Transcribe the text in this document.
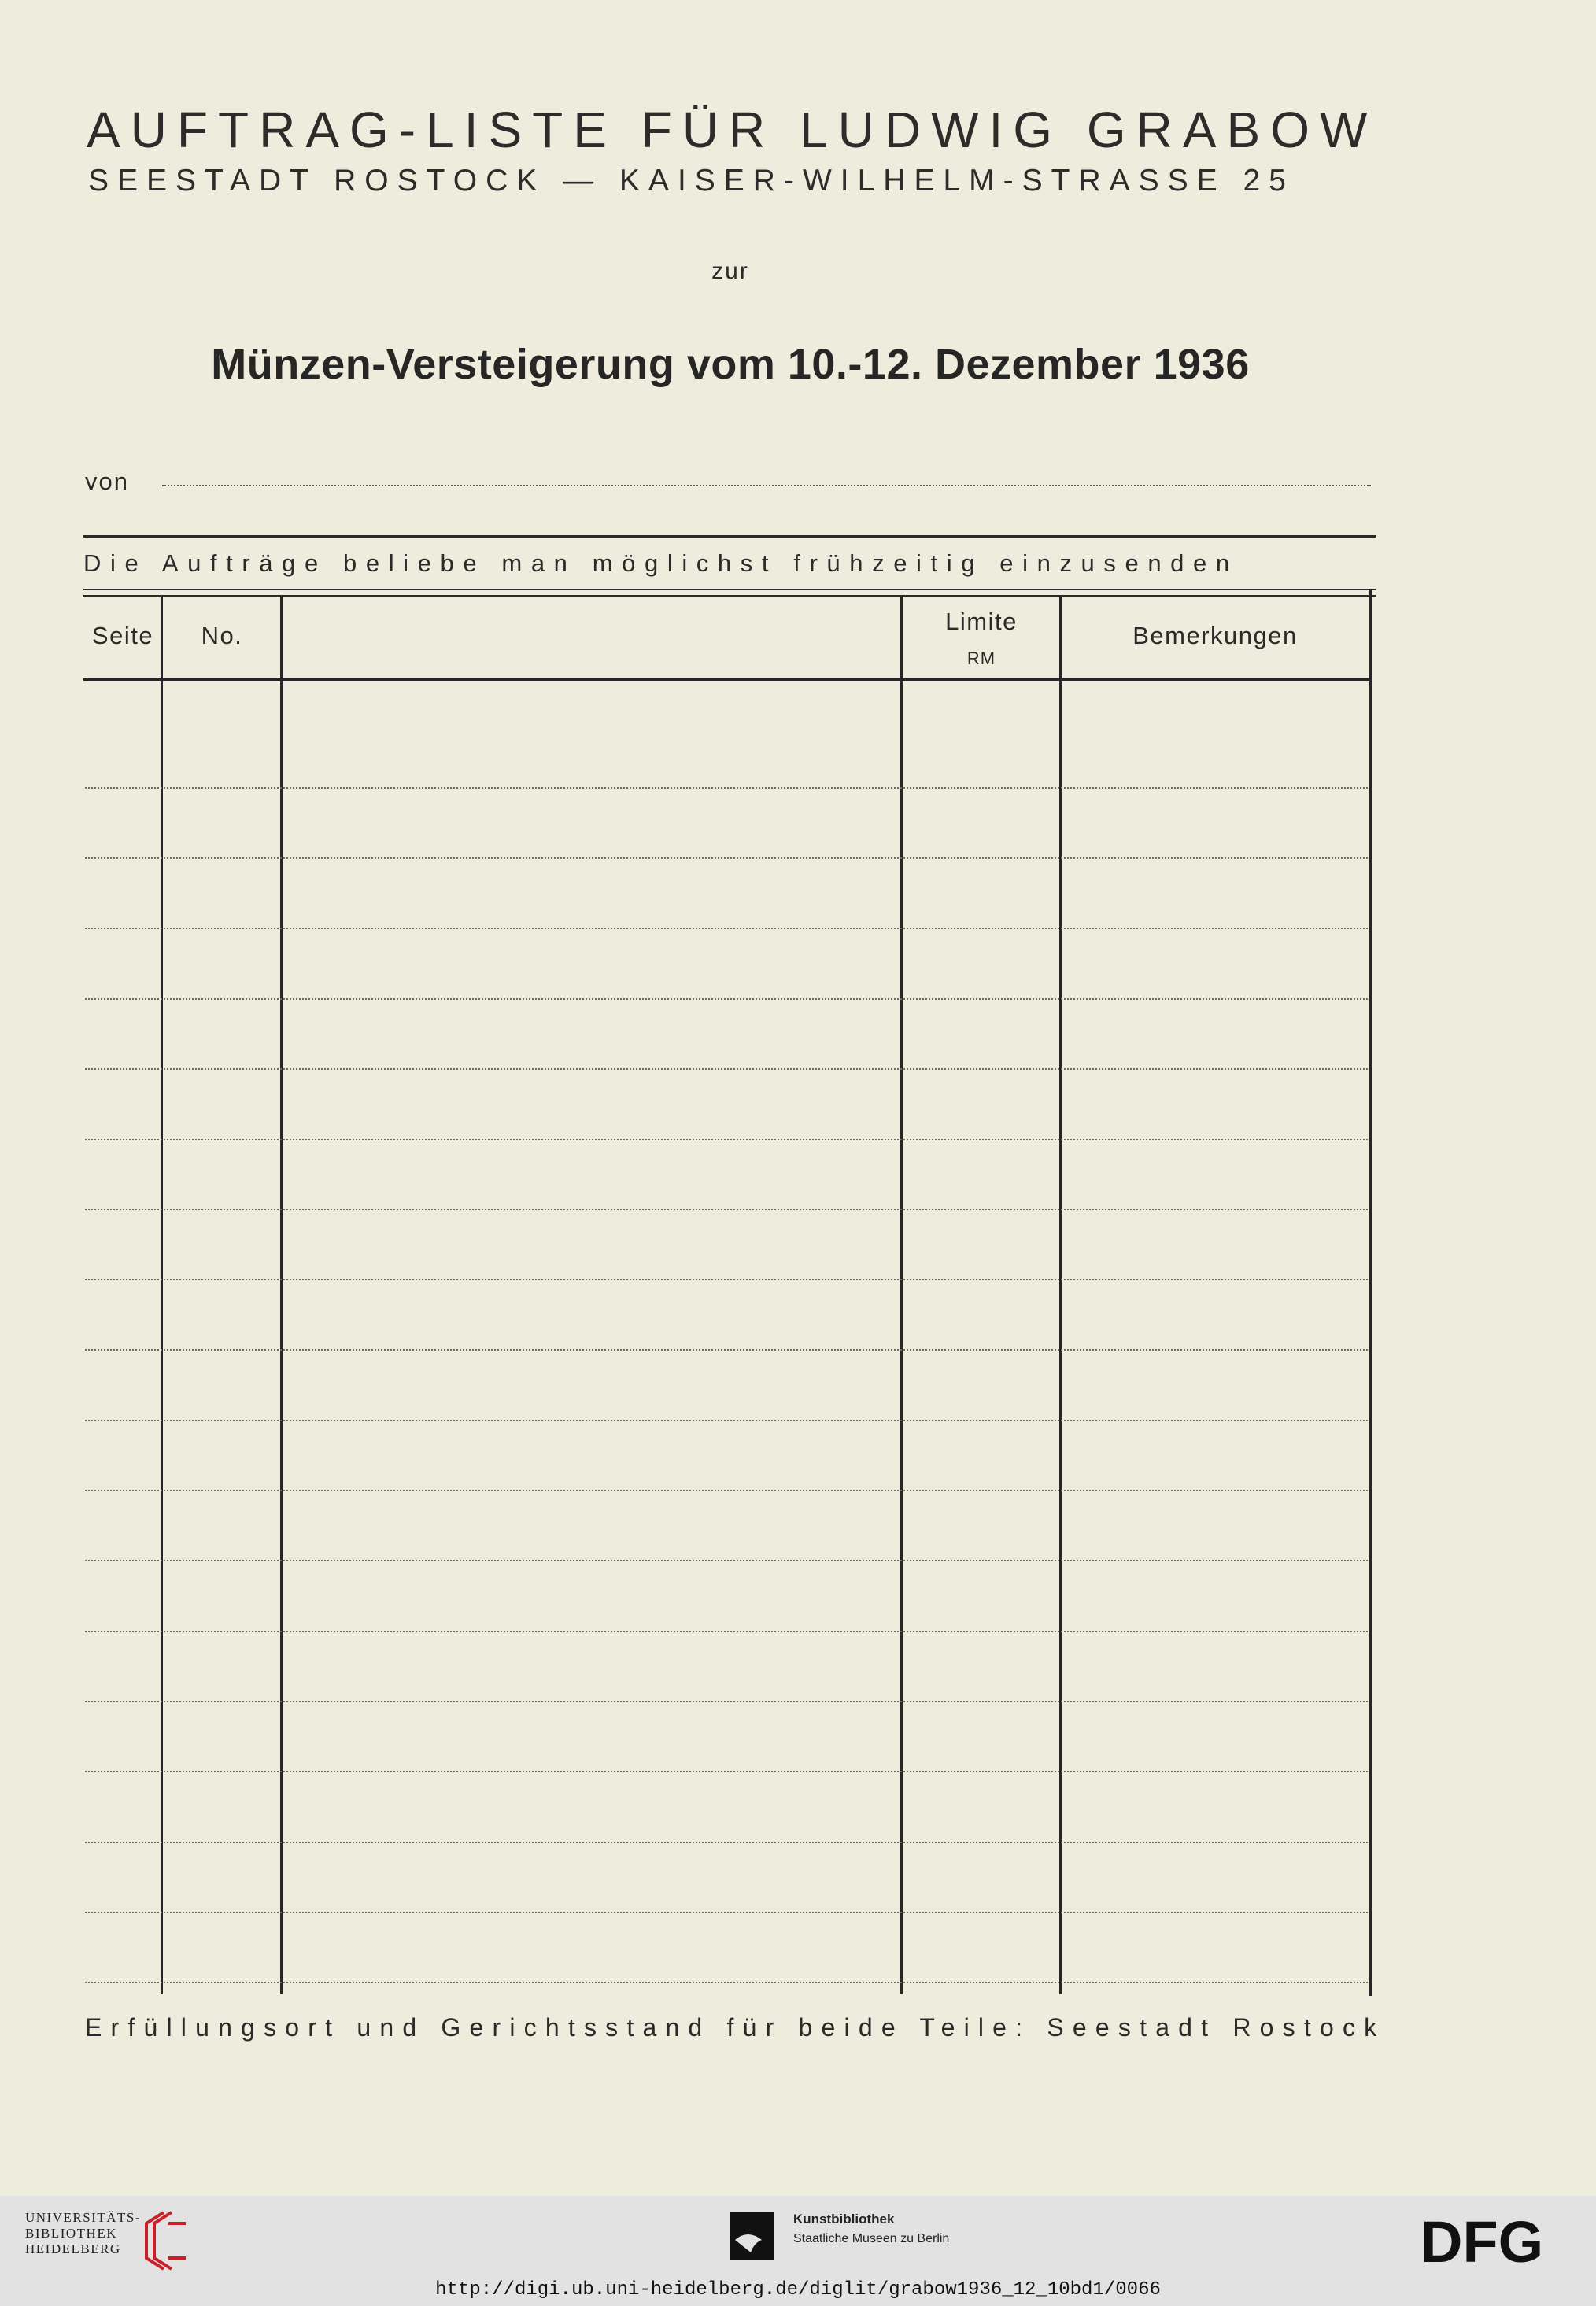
AUFTRAG-LISTE FÜR LUDWIG GRABOW
SEESTADT ROSTOCK — KAISER-WILHELM-STRASSE 25
zur
Münzen-Versteigerung vom 10.-12. Dezember 1936
von
Die Aufträge beliebe man möglichst frühzeitig einzusenden
Seite	No.
Limite
RM
Bemerkungen
Erfüllungsort und Gerichtsstand für beide Teile: Seestadt Rostock
UNIVERSITÄTS-
BIBLIOTHEK
HEIDELBERG
Kunstbibliothek
Staatliche Museen zu Berlin	DFG
http://digi.ub.uni-heidelberg.de/diglit/grabow1936_12_10bd1/0066
